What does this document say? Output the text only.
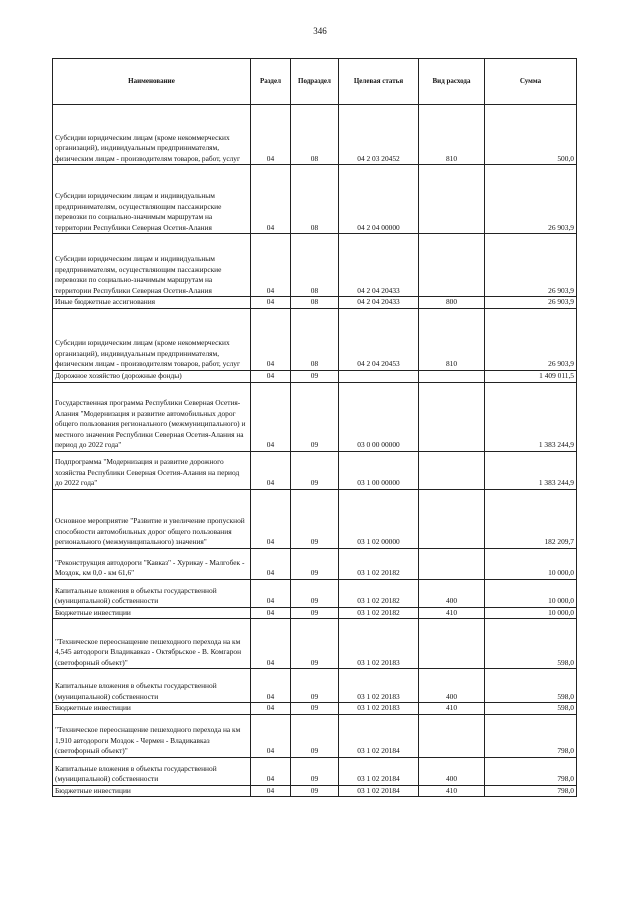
346
Наименование	Раздел	Подраздел	Целевая статья	Вид расхода	Сумма
Субсидии юридическим лицам (кроме некоммерческих организаций), индивидуальным предпринимателям, физическим лицам - производителям товаров, работ, услуг	04	08	04 2 03 20452	810	500,0
Субсидии юридическим лицам и индивидуальным предпринимателям, осуществляющим пассажирские перевозки по социально-значимым маршрутам на территории Республики Северная Осетия-Алания	04	08	04 2 04 00000		26 903,9
Субсидии юридическим лицам и индивидуальным предпринимателям, осуществляющим пассажирские перевозки по социально-значимым маршрутам на территории Республики Северная Осетия-Алания	04	08	04 2 04 20433		26 903,9
Иные бюджетные ассигнования	04	08	04 2 04 20433	800	26 903,9
Субсидии юридическим лицам (кроме некоммерческих организаций), индивидуальным предпринимателям, физическим лицам - производителям товаров, работ, услуг	04	08	04 2 04 20453	810	26 903,9
Дорожное хозяйство (дорожные фонды)	04	09			1 409 011,5
Государственная программа Республики Северная Осетия-Алания "Модернизация и развитие автомобильных дорог общего пользования регионального (межмуниципального) и местного значения Республики Северная Осетия-Алания на период до 2022 года"	04	09	03 0 00 00000		1 383 244,9
Подпрограмма "Модернизация и развитие дорожного хозяйства Республики Северная Осетия-Алания на период до 2022 года"	04	09	03 1 00 00000		1 383 244,9
Основное мероприятие "Развитие и увеличение пропускной способности автомобильных дорог общего пользования регионального (межмуниципального) значения"	04	09	03 1 02 00000		182 209,7
"Реконструкция автодороги "Кавказ" - Хурикау - Малгобек - Моздок, км 0,0 - км 61,6"	04	09	03 1 02 20182		10 000,0
Капитальные вложения в объекты государственной (муниципальной) собственности	04	09	03 1 02 20182	400	10 000,0
Бюджетные инвестиции	04	09	03 1 02 20182	410	10 000,0
"Техническое переоснащение пешеходного перехода на км 4,545 автодороги Владикавказ - Октябрьское - В. Комгарон (светофорный объект)"	04	09	03 1 02 20183		598,0
Капитальные вложения в объекты государственной (муниципальной) собственности	04	09	03 1 02 20183	400	598,0
Бюджетные инвестиции	04	09	03 1 02 20183	410	598,0
"Техническое переоснащение пешеходного перехода на км 1,910 автодороги Моздок - Чермен - Владикавказ (светофорный объект)"	04	09	03 1 02 20184		798,0
Капитальные вложения в объекты государственной (муниципальной) собственности	04	09	03 1 02 20184	400	798,0
Бюджетные инвестиции	04	09	03 1 02 20184	410	798,0
